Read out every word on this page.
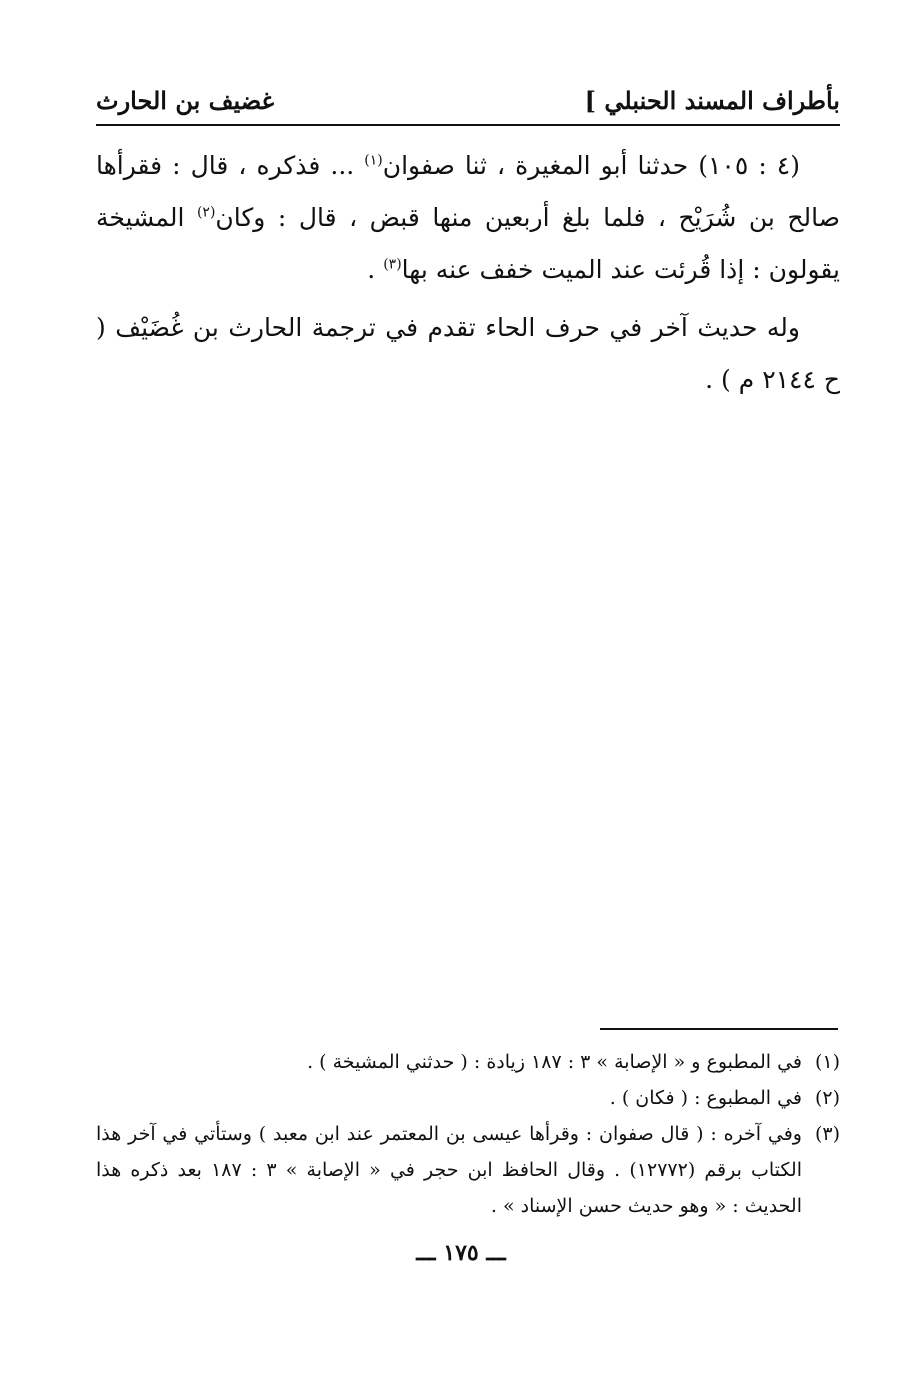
بأطراف المسند الحنبلي ]
غضيف بن الحارث

(٤ : ١٠٥) حدثنا أبو المغيرة ، ثنا صفوان$^{(١)}$ ... فذكره ، قال : فقرأها صالح بن شُرَيْح ، فلما بلغ أربعين منها قبض ، قال : وكان$^{(٢)}$ المشيخة يقولون : إذا قُرئت عند الميت خفف عنه بها$^{(٣)}$ .

وله حديث آخر في حرف الحاء تقدم في ترجمة الحارث بن غُضَيْف ( ح ٢١٤٤ م ) .

(١)
في المطبوع و « الإصابة » ٣ : ١٨٧ زيادة : ( حدثني المشيخة ) .
(٢)
في المطبوع : ( فكان ) .
(٣)
وفي آخره : ( قال صفوان : وقرأها عيسى بن المعتمر عند ابن معبد ) وستأتي في آخر هذا الكتاب برقم (١٢٧٧٢) . وقال الحافظ ابن حجر في « الإصابة » ٣ : ١٨٧ بعد ذكره هذا الحديث : « وهو حديث حسن الإسناد » .
ـــ ١٧٥ ـــ
